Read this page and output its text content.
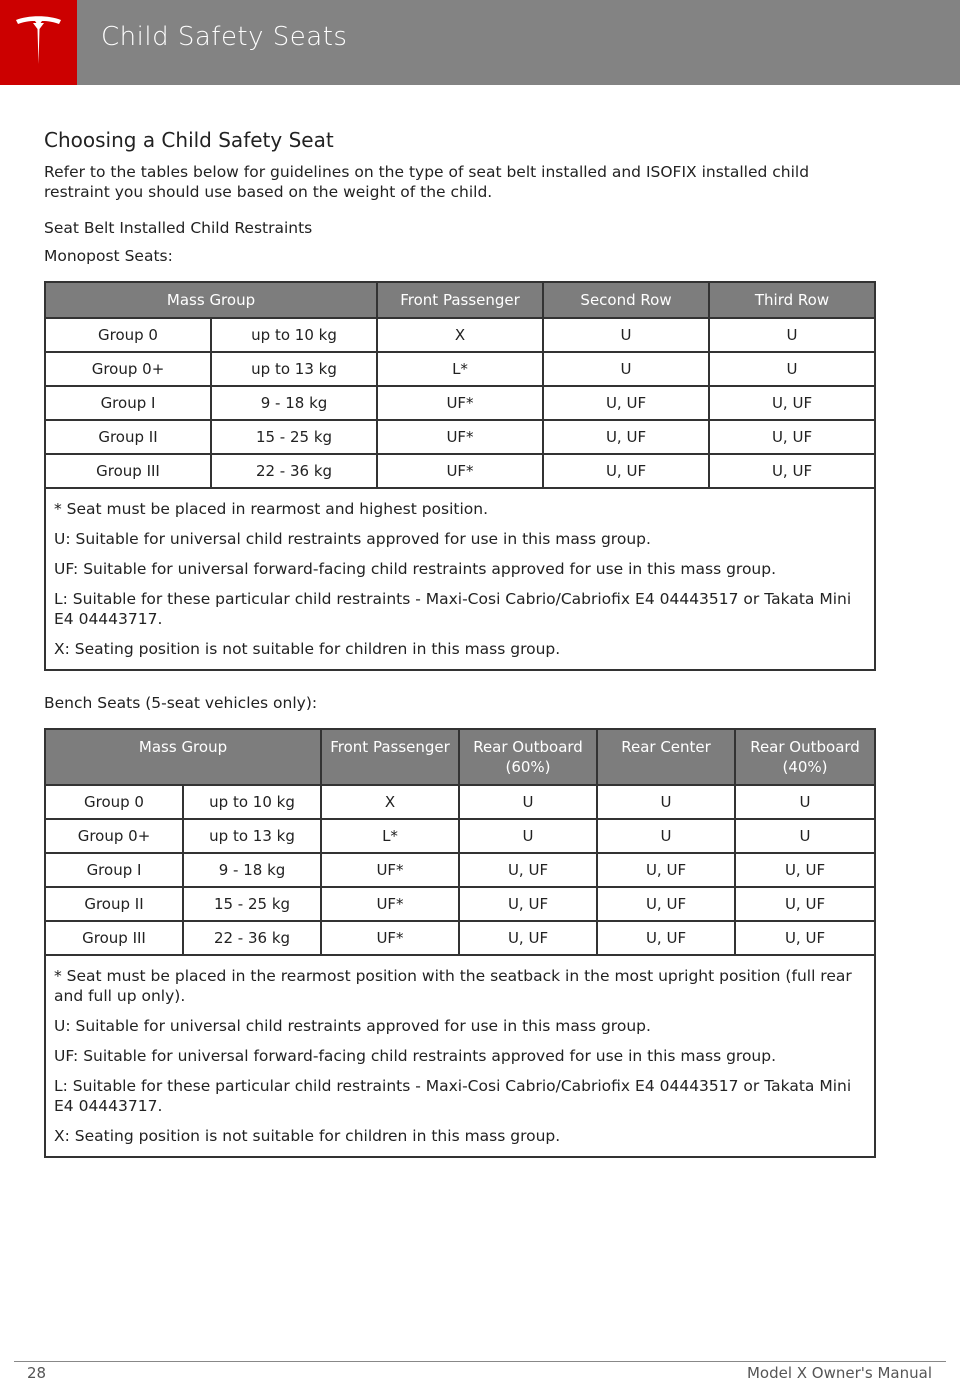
Child Safety Seats
Choosing a Child Safety Seat

Refer to the tables below for guidelines on the type of seat belt installed and ISOFIX installed child restraint you should use based on the weight of the child.

Seat Belt Installed Child Restraints

Monopost Seats:

Mass Group		Front Passenger	Second Row	Third Row
Group 0	up to 10 kg	X	U	U
Group 0+	up to 13 kg	L*	U	U
Group I	9 - 18 kg	UF*	U, UF	U, UF
Group II	15 - 25 kg	UF*	U, UF	U, UF
Group III	22 - 36 kg	UF*	U, UF	U, UF

* Seat must be placed in rearmost and highest position.

U: Suitable for universal child restraints approved for use in this mass group.

UF: Suitable for universal forward-facing child restraints approved for use in this mass group.

L: Suitable for these particular child restraints - Maxi-Cosi Cabrio/Cabriofix E4 04443517 or Takata Mini E4 04443717.

X: Seating position is not suitable for children in this mass group.				

Bench Seats (5-seat vehicles only):

Mass Group		Front Passenger	Rear Outboard (60%)	Rear Center	Rear Outboard (40%)
Group 0	up to 10 kg	X	U	U	U
Group 0+	up to 13 kg	L*	U	U	U
Group I	9 - 18 kg	UF*	U, UF	U, UF	U, UF
Group II	15 - 25 kg	UF*	U, UF	U, UF	U, UF
Group III	22 - 36 kg	UF*	U, UF	U, UF	U, UF

* Seat must be placed in the rearmost position with the seatback in the most upright position (full rear and full up only).

U: Suitable for universal child restraints approved for use in this mass group.

UF: Suitable for universal forward-facing child restraints approved for use in this mass group.

L: Suitable for these particular child restraints - Maxi-Cosi Cabrio/Cabriofix E4 04443517 or Takata Mini E4 04443717.

X: Seating position is not suitable for children in this mass group.					

28	Model X Owner's Manual
